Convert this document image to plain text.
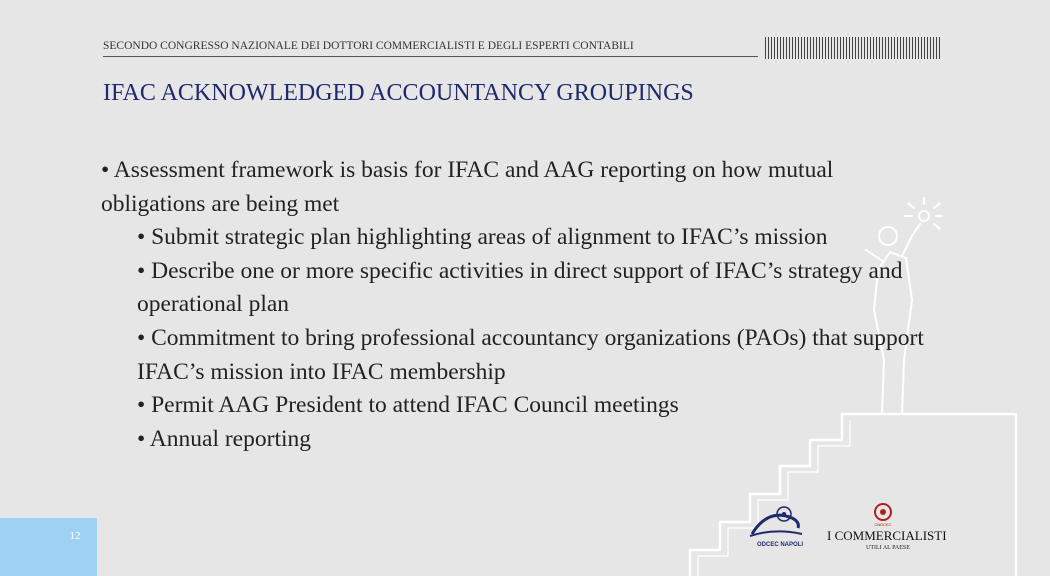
SECONDO CONGRESSO NAZIONALE DEI DOTTORI COMMERCIALISTI E DEGLI ESPERTI CONTABILI
IFAC ACKNOWLEDGED ACCOUNTANCY GROUPINGS

• Assessment framework is basis for IFAC and AAG reporting on how mutual obligations are being met

• Submit strategic plan highlighting areas of alignment to IFAC’s mission

• Describe one or more specific activities in direct support of IFAC’s strategy and operational plan

• Commitment to bring professional accountancy organizations (PAOs) that support IFAC’s mission into IFAC membership

• Permit AAG President to attend IFAC Council meetings

• Annual reporting

12
ODCEC NAPOLI
CNDCEC
I COMMERCIALISTI
UTILI AL PAESE
